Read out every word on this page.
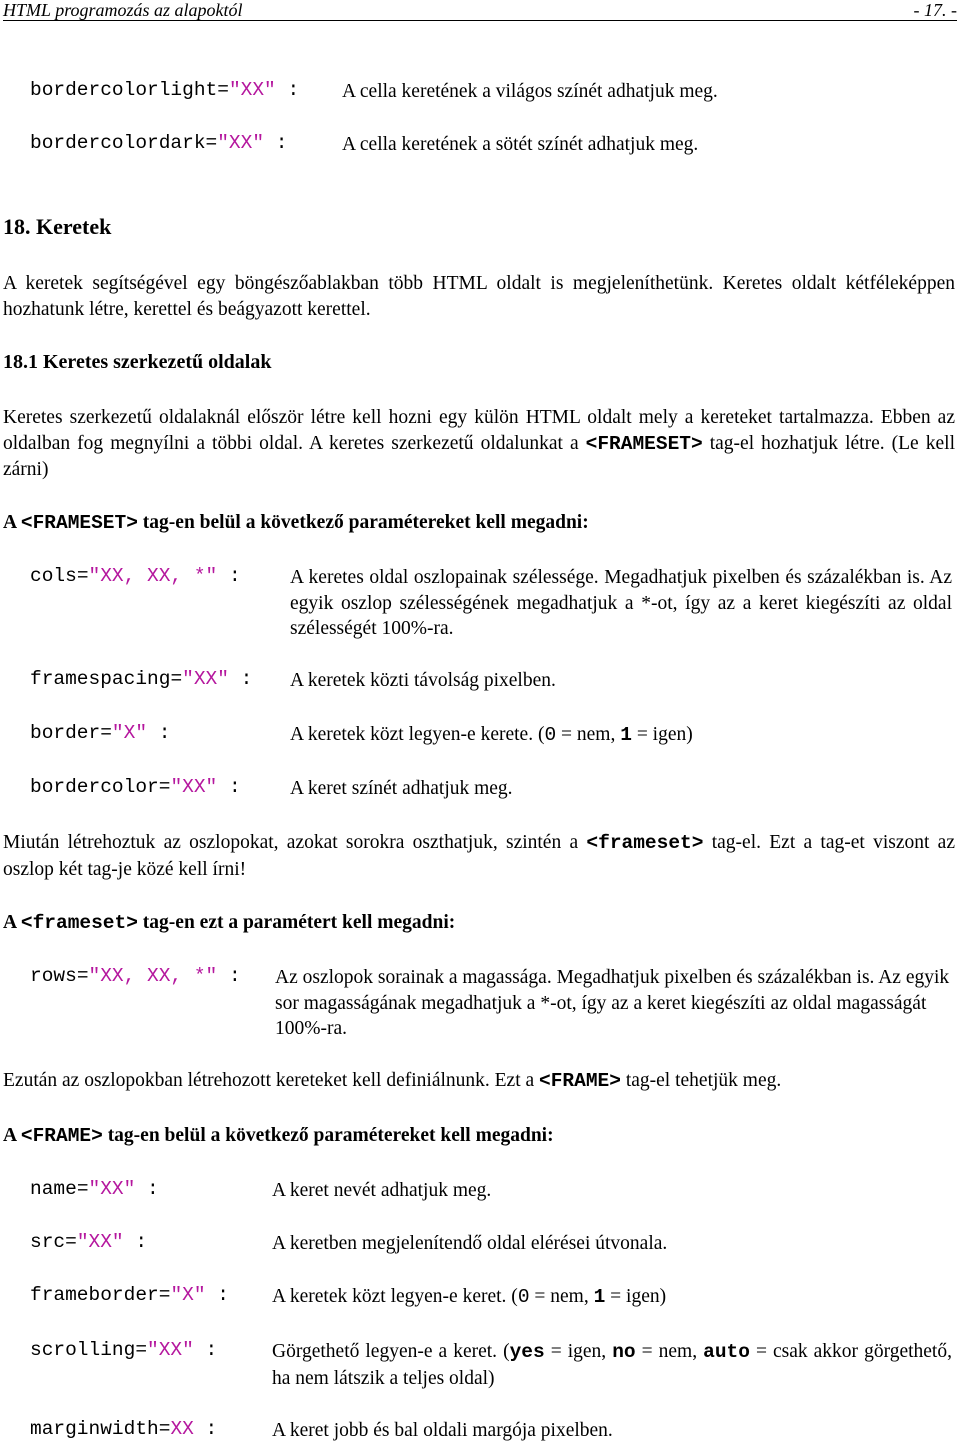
HTML programozás az alapoktól	- 17. -
bordercolorlight="XX" : A cella keretének a világos színét adhatjuk meg.

bordercolordark="XX" :	A cella keretének a sötét színét adhatjuk meg.

18. Keretek

A keretek segítségével egy böngészőablakban több HTML oldalt is megjeleníthetünk. Keretes oldalt kétféleképpen hozhatunk létre, kerettel és beágyazott kerettel.

18.1 Keretes szerkezetű oldalak

Keretes szerkezetű oldalaknál először létre kell hozni egy külön HTML oldalt mely a kereteket tartalmazza. Ebben az oldalban fog megnyílni a többi oldal. A keretes szerkezetű oldalunkat a <FRAMESET> tag-el hozhatjuk létre. (Le kell zárni)

A <FRAMESET> tag-en belül a következő paramétereket kell megadni:

cols="XX, XX, *" :	A keretes oldal oszlopainak szélessége. Megadhatjuk pixelben és százalékban is. Az egyik oszlop szélességének megadhatjuk a *-ot, így az a keret kiegészíti az oldal szélességét 100%-ra.

framespacing="XX" : A keretek közti távolság pixelben.

border="X" :	A keretek közt legyen-e kerete. (0 = nem, 1 = igen)

bordercolor="XX" :	A keret színét adhatjuk meg.

Miután létrehoztuk az oszlopokat, azokat sorokra oszthatjuk, szintén a <frameset> tag-el. Ezt a tag-et viszont az oszlop két tag-je közé kell írni!

A <frameset> tag-en ezt a paramétert kell megadni:

rows="XX, XX, *" : Az oszlopok sorainak a magassága. Megadhatjuk pixelben és százalékban is. Az egyik sor magasságának megadhatjuk a *-ot, így az a keret kiegészíti az oldal magasságát 100%-ra.

Ezután az oszlopokban létrehozott kereteket kell definiálnunk. Ezt a <FRAME> tag-el tehetjük meg.

A <FRAME> tag-en belül a következő paramétereket kell megadni:

name="XX" :	A keret nevét adhatjuk meg.

src="XX" :	A keretben megjelenítendő oldal elérései útvonala.

frameborder="X" : A keretek közt legyen-e keret. (0 = nem, 1 = igen)

scrolling="XX" :	Görgethető legyen-e a keret. (yes = igen, no = nem, auto = csak akkor görgethető, ha nem látszik a teljes oldal)

marginwidth=XX :	A keret jobb és bal oldali margója pixelben.
